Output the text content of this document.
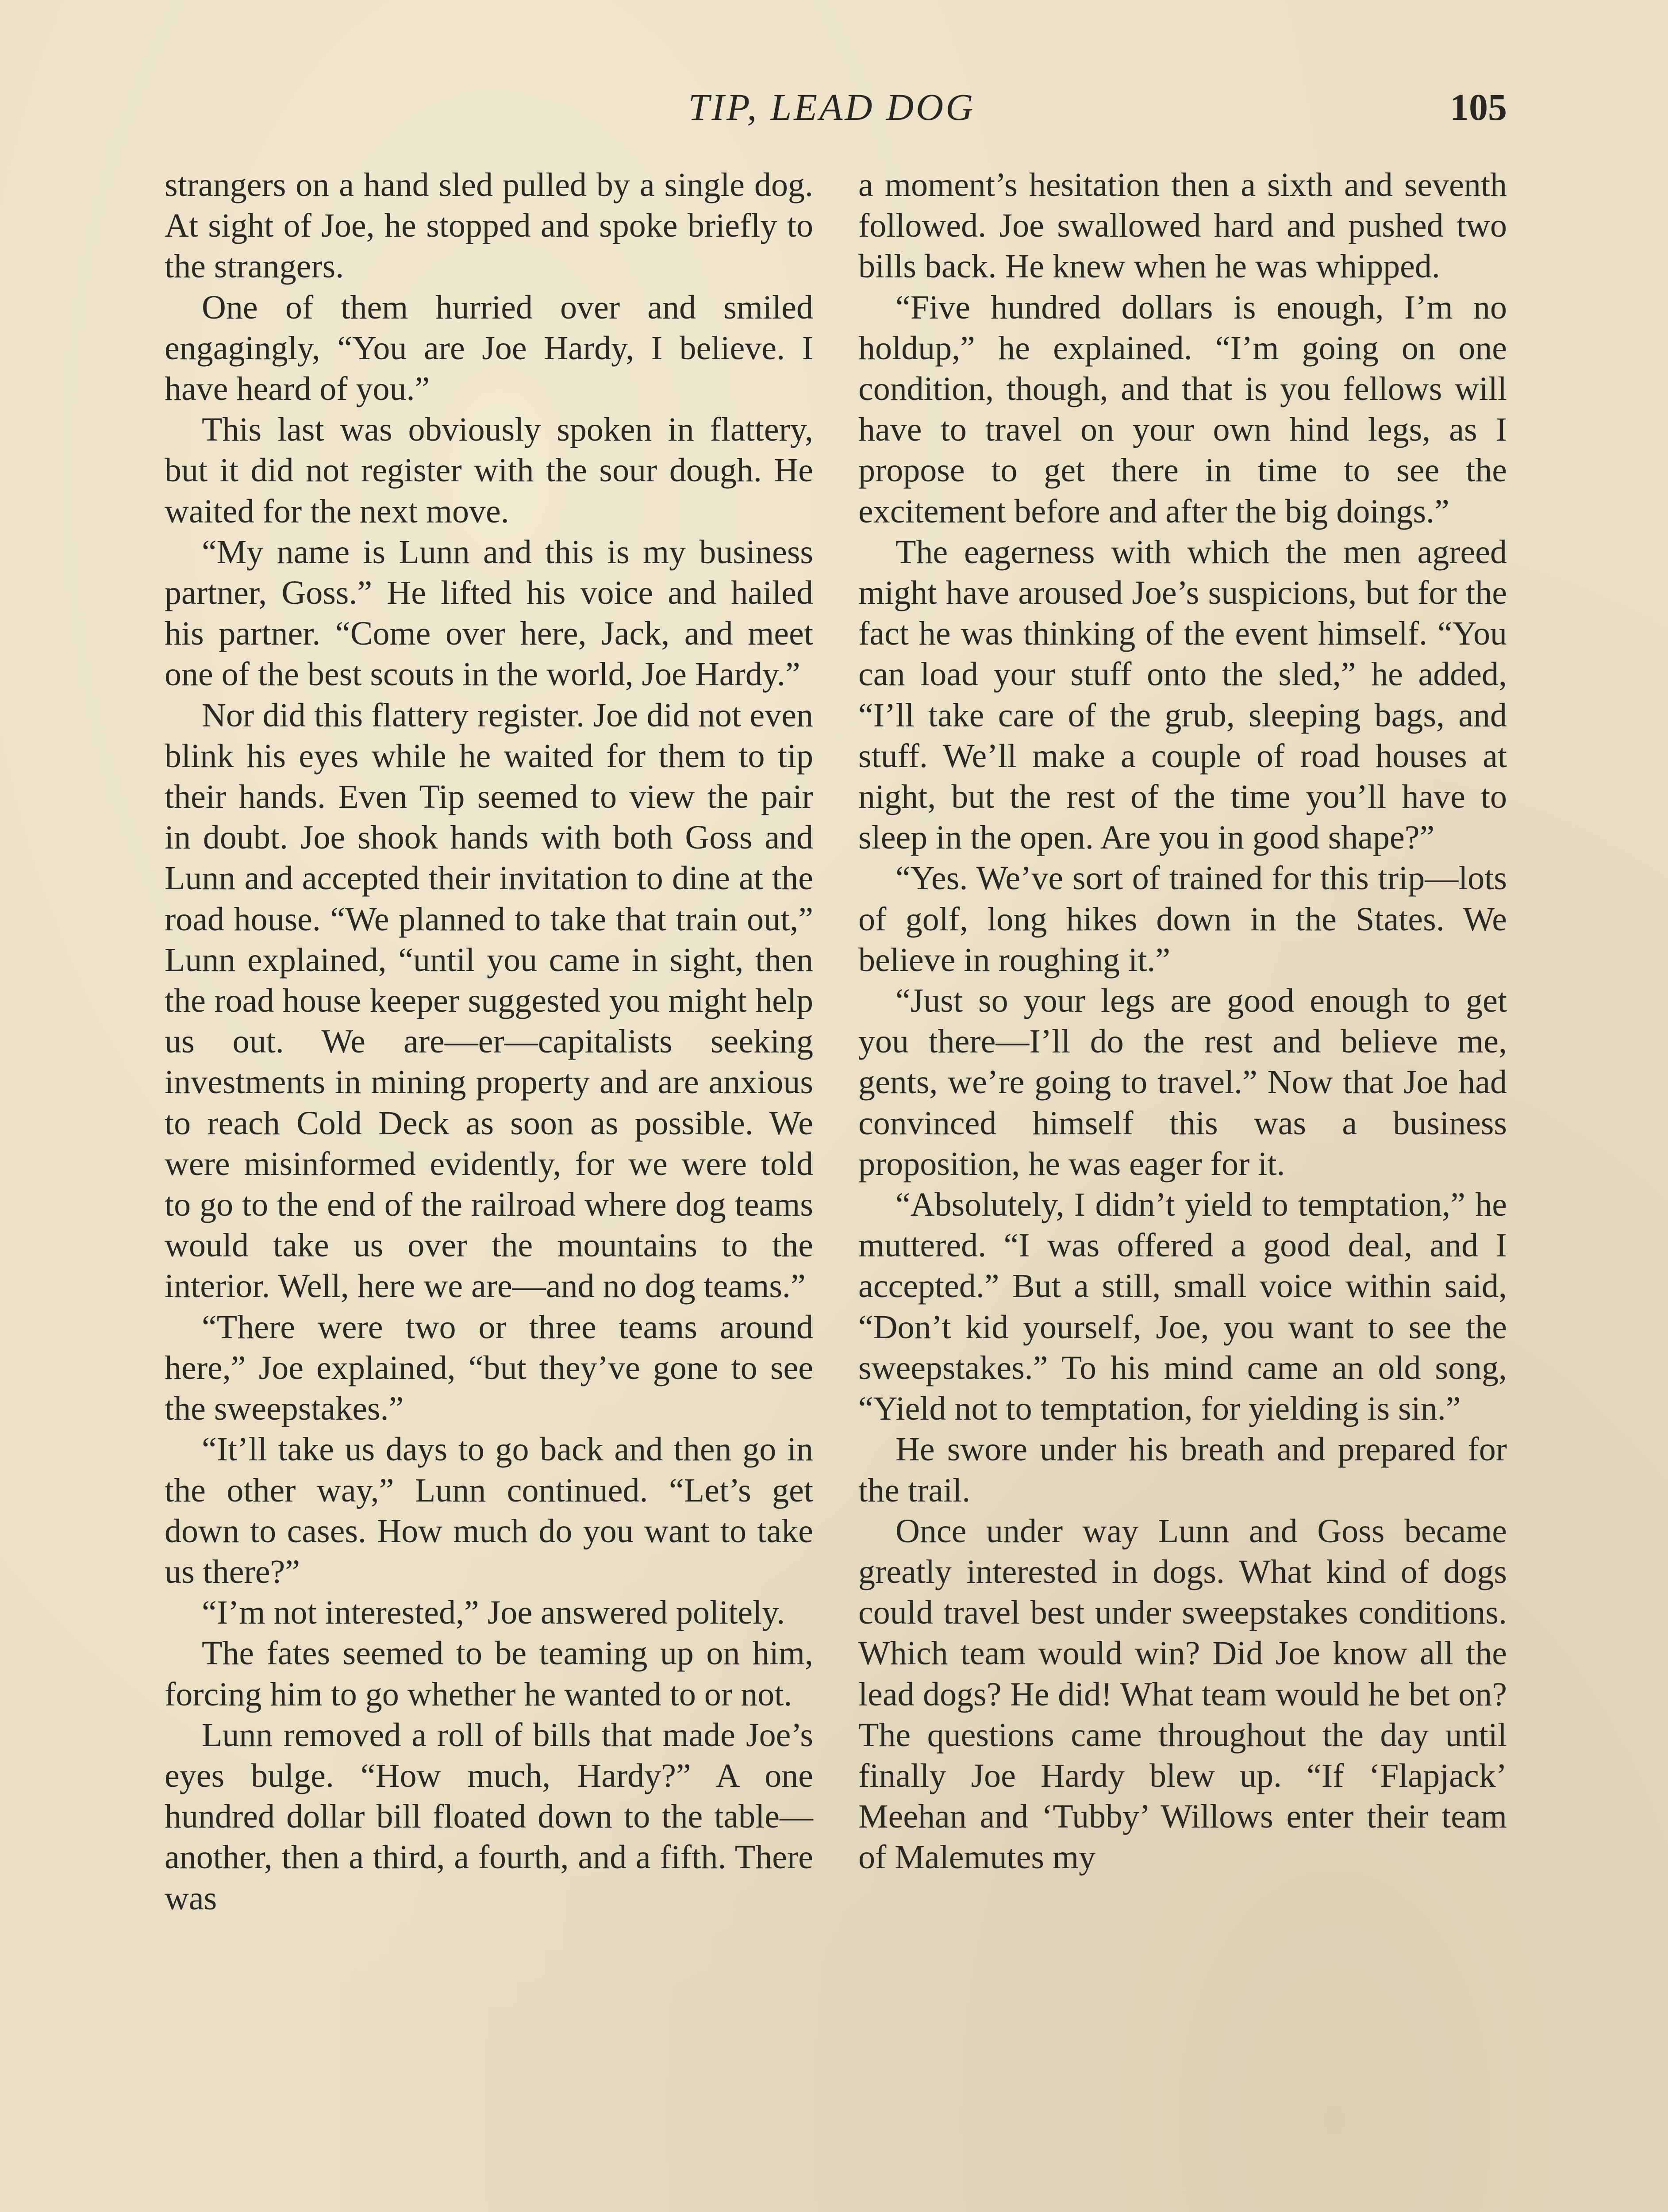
TIP, LEAD DOG	105

strangers on a hand sled pulled by a single dog. At sight of Joe, he stopped and spoke briefly to the strangers.

One of them hurried over and smiled engagingly, “You are Joe Hardy, I believe. I have heard of you.”

This last was obviously spoken in flattery, but it did not register with the sour dough. He waited for the next move.

“My name is Lunn and this is my business partner, Goss.” He lifted his voice and hailed his partner. “Come over here, Jack, and meet one of the best scouts in the world, Joe Hardy.”

Nor did this flattery register. Joe did not even blink his eyes while he waited for them to tip their hands. Even Tip seemed to view the pair in doubt. Joe shook hands with both Goss and Lunn and accepted their invitation to dine at the road house. “We planned to take that train out,” Lunn explained, “until you came in sight, then the road house keeper suggested you might help us out. We are—er—capitalists seeking investments in mining property and are anxious to reach Cold Deck as soon as possible. We were misinformed evidently, for we were told to go to the end of the railroad where dog teams would take us over the mountains to the interior. Well, here we are—and no dog teams.”

“There were two or three teams around here,” Joe explained, “but they’ve gone to see the sweepstakes.”

“It’ll take us days to go back and then go in the other way,” Lunn continued. “Let’s get down to cases. How much do you want to take us there?”

“I’m not interested,” Joe answered politely.

The fates seemed to be teaming up on him, forcing him to go whether he wanted to or not.

Lunn removed a roll of bills that made Joe’s eyes bulge. “How much, Hardy?” A one hundred dollar bill floated down to the table—another, then a third, a fourth, and a fifth. There was

a moment’s hesitation then a sixth and seventh followed. Joe swallowed hard and pushed two bills back. He knew when he was whipped.

“Five hundred dollars is enough, I’m no holdup,” he explained. “I’m going on one condition, though, and that is you fellows will have to travel on your own hind legs, as I propose to get there in time to see the excitement before and after the big doings.”

The eagerness with which the men agreed might have aroused Joe’s suspicions, but for the fact he was thinking of the event himself. “You can load your stuff onto the sled,” he added, “I’ll take care of the grub, sleeping bags, and stuff. We’ll make a couple of road houses at night, but the rest of the time you’ll have to sleep in the open. Are you in good shape?”

“Yes. We’ve sort of trained for this trip—lots of golf, long hikes down in the States. We believe in roughing it.”

“Just so your legs are good enough to get you there—I’ll do the rest and believe me, gents, we’re going to travel.” Now that Joe had convinced himself this was a business proposition, he was eager for it.

“Absolutely, I didn’t yield to temptation,” he muttered. “I was offered a good deal, and I accepted.” But a still, small voice within said, “Don’t kid yourself, Joe, you want to see the sweepstakes.” To his mind came an old song, “Yield not to temptation, for yielding is sin.”

He swore under his breath and prepared for the trail.

Once under way Lunn and Goss became greatly interested in dogs. What kind of dogs could travel best under sweepstakes conditions. Which team would win? Did Joe know all the lead dogs? He did! What team would he bet on? The questions came throughout the day until finally Joe Hardy blew up. “If ‘Flapjack’ Meehan and ‘Tubby’ Willows enter their team of Malemutes my
